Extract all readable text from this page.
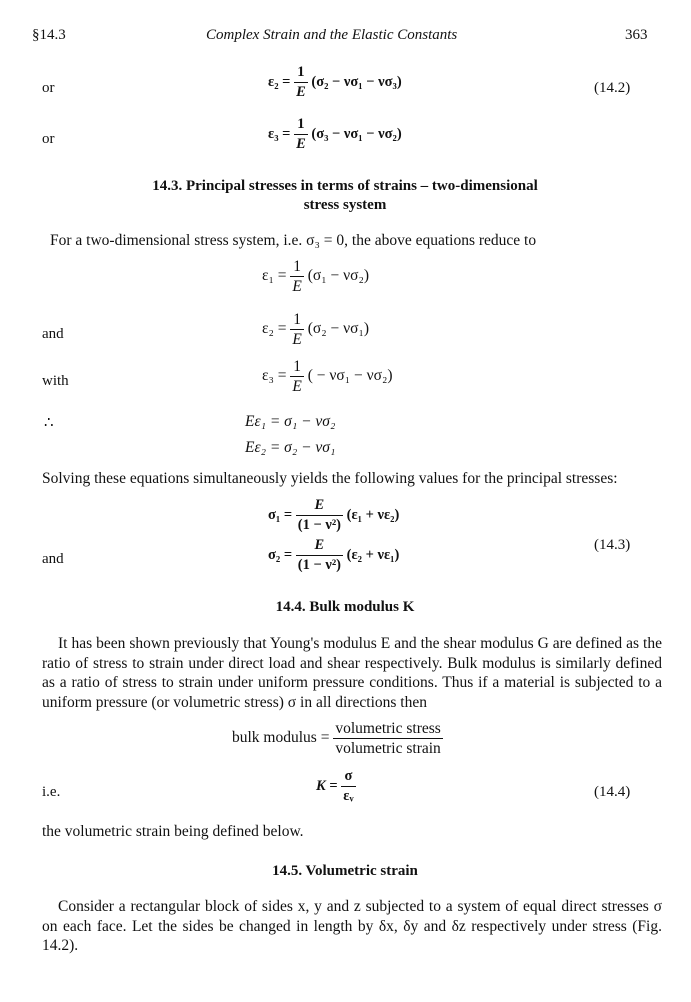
§14.3	Complex Strain and the Elastic Constants	363
or	$\varepsilon_2 = \frac{1}{E} (\sigma_2 - \nu\sigma_1 - \nu\sigma_3)$	(14.2)
or	$\varepsilon_3 = \frac{1}{E} (\sigma_3 - \nu\sigma_1 - \nu\sigma_2)$
14.3. Principal stresses in terms of strains – two-dimensional stress system
For a two-dimensional stress system, i.e. σ₃ = 0, the above equations reduce to
$\varepsilon_1 = \frac{1}{E} (\sigma_1 - \nu\sigma_2)$
and	$\varepsilon_2 = \frac{1}{E} (\sigma_2 - \nu\sigma_1)$
with	$\varepsilon_3 = \frac{1}{E}$ ( − νσ₁ − νσ₂)
∴	Eε₁ = σ₁ − νσ₂
Eε₂ = σ₂ − νσ₁
Solving these equations simultaneously yields the following values for the principal stresses:
$\sigma_1 = \frac{E}{\text{(1 − ν²)}} (\varepsilon_1 + \nu\varepsilon_2)$
(14.3)
and	$\sigma_2 = \frac{E}{\text{(1 − ν²)}} (\varepsilon_2 + \nu\varepsilon_1)$
14.4. Bulk modulus K
It has been shown previously that Young's modulus E and the shear modulus G are defined as the ratio of stress to strain under direct load and shear respectively. Bulk modulus is similarly defined as a ratio of stress to strain under uniform pressure conditions. Thus if a material is subjected to a uniform pressure (or volumetric stress) σ in all directions then
bulk modulus = $\frac{\text{volumetric stress}}{\text{volumetric strain}}$
i.e.	$K = \frac{\sigma}{\text{εᵥ}}$	(14.4)
the volumetric strain being defined below.
14.5. Volumetric strain
Consider a rectangular block of sides x, y and z subjected to a system of equal direct stresses σ on each face. Let the sides be changed in length by δx, δy and δz respectively under stress (Fig. 14.2).
